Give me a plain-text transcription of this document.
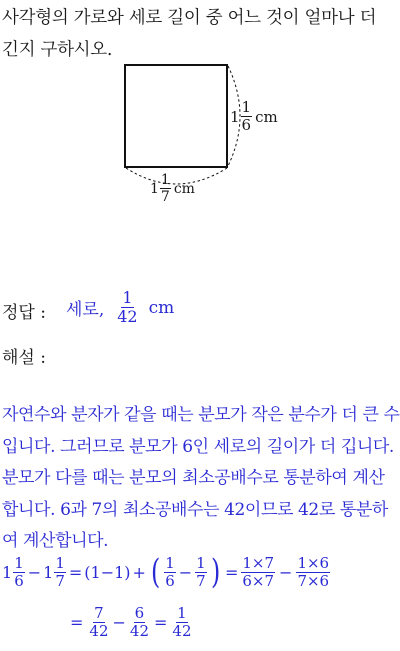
사각형의 가로와 세로 길이 중 어느 것이 얼마나 더 긴지 구하시오.
$1 \frac{1}{6}$ cm
$1 \frac{1}{7}$ cm
정답 : 세로, $\frac{1}{42}$ cm
해설 :
자연수와 분자가 같을 때는 분모가 작은 분수가 더 큰 수입니다. 그러므로 분모가 6인 세로의 길이가 더 깁니다. 분모가 다를 때는 분모의 최소공배수로 통분하여 계산합니다. 6과 7의 최소공배수는 42이므로 42로 통분하여 계산합니다.
$1 \frac{1}{6} - 1 \frac{1}{7} = (1-1)$ + ( $\frac{1}{6} - \frac{1}{7}$ ) = $\frac{1\times 7}{6\times 7} - \frac{1\times 6}{7\times 6}$
= $\frac{7}{42} - \frac{6}{42} = \frac{1}{42}$
